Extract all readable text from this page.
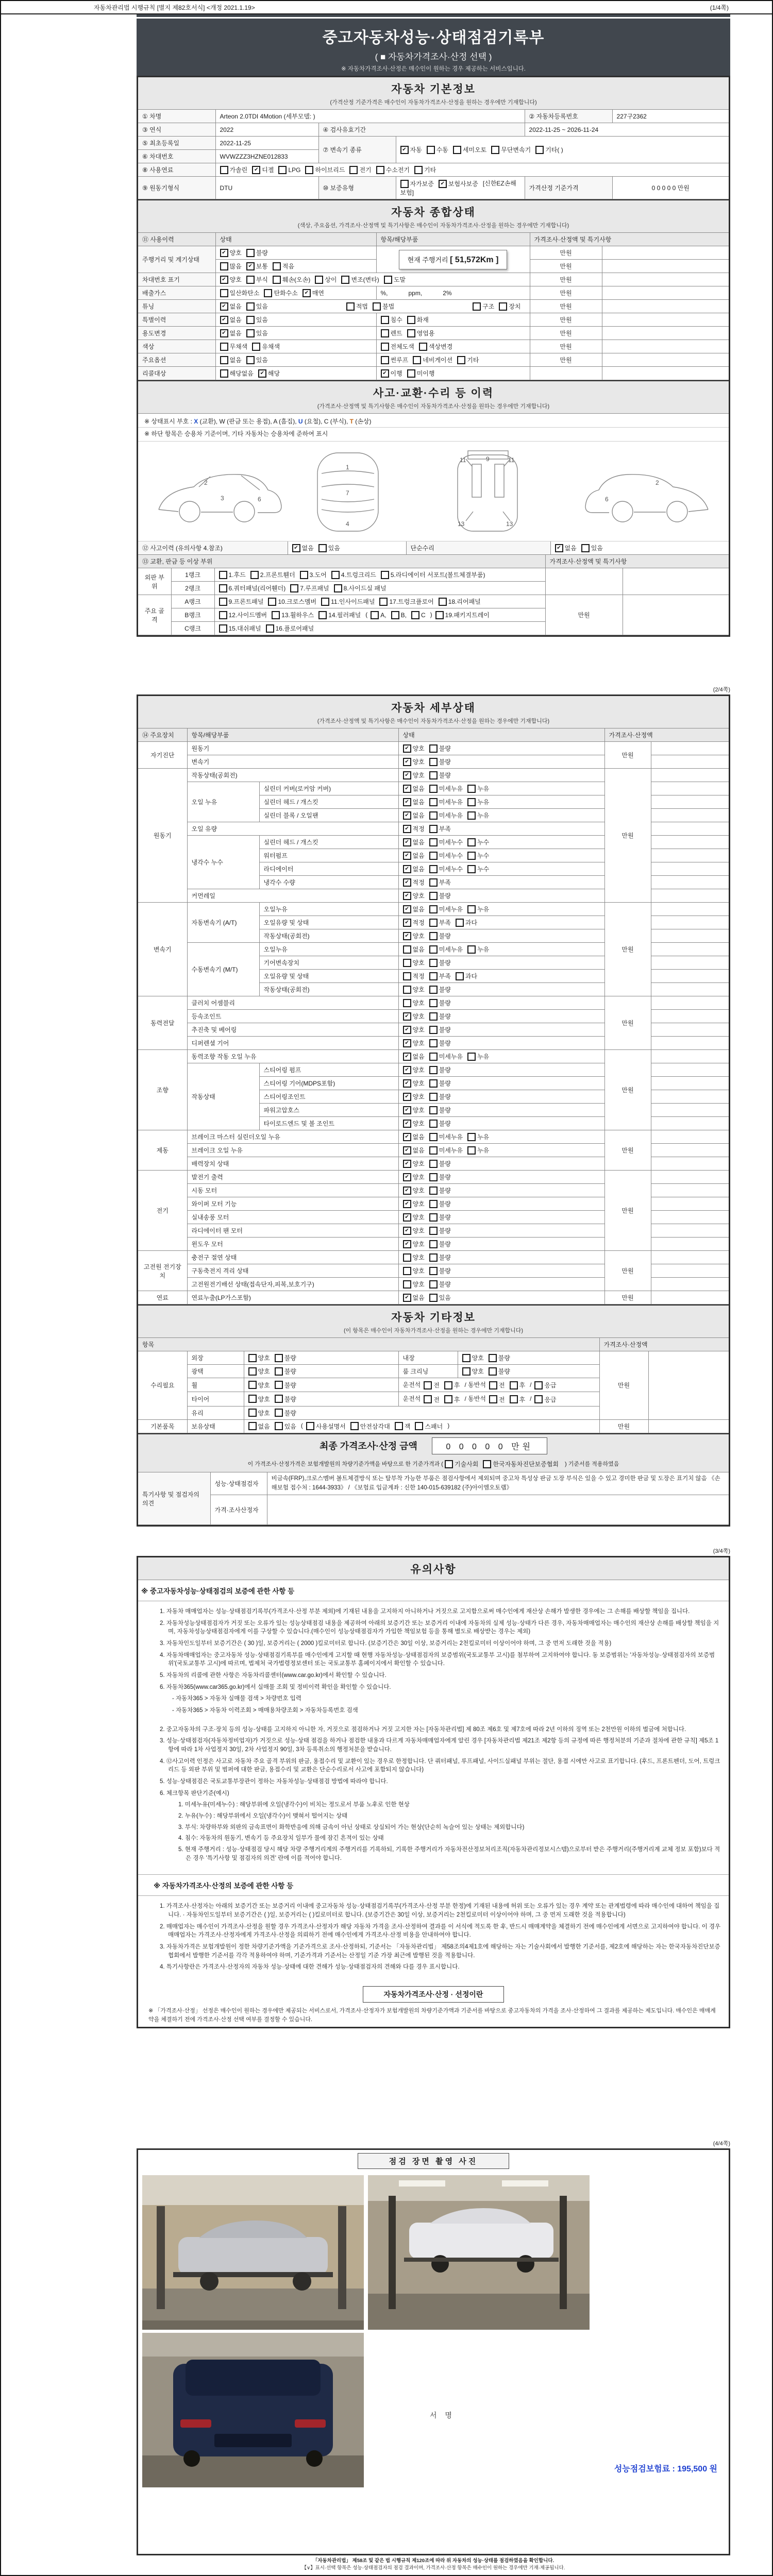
자동차관리법 시행규칙 [별지 제82호서식] <개정 2021.1.19>	(1/4쪽)
중고자동차성능·상태점검기록부
( ■ 자동차가격조사·산정 선택 )
※ 자동차가격조사·산정은 매수인이 원하는 경우 제공하는 서비스입니다.
자동차 기본정보
(가격산정 기준가격은 매수인이 자동차가격조사·산정을 원하는 경우에만 기재합니다)
① 차명	Arteon 2.0TDI 4Motion (세부모델: )			② 자동차등록번호	227구2362
③ 연식	2022	④ 검사유효기간		2022-11-25 ~ 2026-11-24	
⑤ 최초등록일	2022-11-25	⑦ 변속기 종류	✔ 자동 수동 세미오토 무단변속기 기타( )

⑥ 차대번호	WVWZZZ3HZNE012833				
⑧ 사용연료	가솔린	✔ 디젤 LPG 하이브리드 전기 수소전기 기타

⑨ 원동기형식	DTU	⑩ 보증유형	자가보증 ✔ 보험사보증 [신한EZ손해보험]	가격산정 기준가격	0 0 0 0 0 만원
자동차 종합상태
(색상, 주요옵션, 가격조사·산정액 및 특기사항은 매수인이 자동차가격조사·산정을 원하는 경우에만 기재합니다)
⑪ 사용이력	상태	항목/해당부품	가격조사·산정액 및 특기사항	
주행거리 및 계기상태	✔ 양호 불량	현재 주행거리 [ 51,572Km ]	만원	

	많음 ✔ 보통 적음		만원	
차대번호 표기	✔ 양호 부식 훼손(오손) 상이 변조(변타) 도말	만원	
배출가스	일산화탄소 탄화수소 ✔ 매연	%,            ppm,            2%	만원	
튜닝	✔ 없음 있음	적법 불법	구조 장치	만원	
특별이력	✔ 없음 있음	침수 화재	만원	
용도변경	✔ 없음 있음	렌트 영업용	만원	
색상	무채색 유채색	전체도색 색상변경	만원	
주요옵션	없음 있음	썬루프 네비게이션 기타	만원	
리콜대상	해당없음 ✔ 해당	✔ 이행 미이행		

사고·교환·수리 등 이력
(가격조사·산정액 및 특기사항은 매수인이 자동차가격조사·산정을 원하는 경우에만 기재합니다)
※ 상태표시 부호 : X (교환), W (판금 또는 용접), A (흠집), U (요철), C (부식), T (손상)
※ 하단 항목은 승용차 기준이며, 기타 자동차는 승용차에 준하여 표시
2
3	6
1
7
4
11	11
9
13	13
2
6
⑫ 사고이력 (유의사항 4.참조)	✔ 없음 있음	단순수리	✔ 없음 있음
⑬ 교환, 판금 등 이상 부위			가격조사·산정액 및 특기사항	
외판 부위	1랭크	1.후드 2.프론트휀더 3.도어 4.트렁크리드 5.라디에이터 서포트(볼트체결부품)		

	2랭크	6.쿼터패널(리어휀더) 7.루프패널 8.사이드실 패널		

주요 골격	A랭크	9.프론트패널 10.크로스멤버 11.인사이드패널 17.트렁크플로어 18.리어패널	만원	
B랭크	12.사이드멤버 13.휠하우스 14.필러패널 ( A, B, C ) 19.패키지트레이

	C랭크	15.대쉬패널 16.플로어패널		
(2/4쪽)
자동차 세부상태
(가격조사·산정액 및 특기사항은 매수인이 자동차가격조사·산정을 원하는 경우에만 기재합니다)
⑭ 주요장치	항목/해당부품		상태	가격조사·산정액	
자기진단	원동기		✔ 양호 불량	만원	
	변속기		✔ 양호 불량		

원동기	작동상태(공회전)		✔ 양호 불량	만원	
	오일 누유	실린더 커버(로커암 커버)	✔ 없음 미세누유 누유		

		실린더 헤드 / 개스킷	✔ 없음 미세누유 누유		

		실린더 블록 / 오일팬	✔ 없음 미세누유 누유		

	오일 유량		✔ 적정 부족		

	냉각수 누수	실린더 헤드 / 개스킷	✔ 없음 미세누수 누수		

		워터펌프	✔ 없음 미세누수 누수		

		라디에이터	✔ 없음 미세누수 누수		

		냉각수 수량	✔ 적정 부족		

	커먼레일		✔ 양호 불량		

변속기	자동변속기 (A/T)	오일누유	✔ 없음 미세누유 누유	만원	
		오일유량 및 상태	✔ 적정 부족 과다		

		작동상태(공회전)	✔ 양호 불량		

	수동변속기 (M/T)	오일누유	없음 미세누유 누유		

		기어변속장치	양호 불량		

		오일유량 및 상태	적정 부족 과다		

		작동상태(공회전)	양호 불량		

동력전달	클러치 어셈블리		양호 불량	만원	
	등속조인트		✔ 양호 불량		

	추진축 및 베어링		✔ 양호 불량		

	디퍼렌셜 기어		✔ 양호 불량		

조향	동력조향 작동 오일 누유		✔ 없음 미세누유 누유	만원	
	작동상태	스티어링 펌프	✔ 양호 불량		

		스티어링 기어(MDPS포함)	✔ 양호 불량		

		스티어링조인트	✔ 양호 불량		

		파워고압호스	✔ 양호 불량		

		타이로드엔드 및 볼 조인트	✔ 양호 불량		

제동	브레이크 마스터 실린더오일 누유		✔ 없음 미세누유 누유	만원	
	브레이크 오일 누유		✔ 없음 미세누유 누유		

	배력장치 상태		✔ 양호 불량		

전기	발전기 출력		✔ 양호 불량	만원	
	시동 모터		✔ 양호 불량		

	와이퍼 모터 기능		✔ 양호 불량		

	실내송풍 모터		✔ 양호 불량		

	라디에이터 팬 모터		✔ 양호 불량		

	윈도우 모터		✔ 양호 불량		

고전원 전기장치	충전구 절연 상태		양호 불량	만원	
	구동축전지 격리 상태		양호 불량		

	고전원전기배선 상태(접속단자,피복,보호기구)		양호 불량		

연료	연료누출(LP가스포함)		✔ 없음 있음	만원	
자동차 기타정보
(이 항목은 매수인이 자동차가격조사·산정을 원하는 경우에만 기재합니다)
항목					가격조사·산정액	
수리필요	외장	양호 불량	내장	양호 불량	만원	
	광택	양호 불량	룸 크리닝	양호 불량		

휠	양호 불량	운전석 전 후 / 동반석 전 후 / 응급

타이어	양호 불량	운전석 전 후 / 동반석 전 후 / 응급

	유리	양호 불량				

기본품목	보유상태	없음 있음 ( 사용설명서 안전삼각대 잭 스패너 )	만원	
최종 가격조사·산정 금액	0 0 0 0 0 만원
이 가격조사·산정가격은 보험개발원의 차량기준가액을 바탕으로 한 기준가격과 ( 기술사회 한국자동차진단보증협회 ) 기준서를 적용하였음
특기사항 및 점검자의 의견	성능·상태점검자	비금속(FRP),크로스멤버 볼트체결방식 또는 탈부착 가능한 부품은 점검사항에서 제외되며 중고차 특성상 판금 도장 부식은 있을 수 있고 경미한 판금 및 도장은 표기치 않음 《손해보험 접수처 : 1644-3933》 / 《보험료 입금계좌 : 신한 140-015-639182 (주)아이엠오토랩》
	가격·조사산정자	
(3/4쪽)
유의사항
※ 중고자동차성능·상태점검의 보증에 관한 사항 등
1. 자동차 매매업자는 성능·상태점검기록부(가격조사·산정 부분 제외)에 기재된 내용을 고지하지 아니하거나 거짓으로 고지함으로써 매수인에게 재산상 손해가 발생한 경우에는 그 손해를 배상할 책임을 집니다.
2. 자동차성능상태점검자가 거짓 또는 오류가 있는 성능상태점검 내용을 제공하여 아래의 보증기간 또는 보증거리 이내에 자동차의 실제 성능·상태가 다른 경우, 자동차매매업자는 매수인의 재산상 손해를 배상할 책임을 지며, 자동차성능상태점검자에게 이를 구상할 수 있습니다.(매수인이 성능상태점검자가 가입한 책임보험 등을 통해 별도로 배상받는 경우는 제외)
3. 자동차인도일부터 보증기간은 ( 30 )일, 보증거리는 ( 2000 )킬로미터로 합니다. (보증기간은 30일 이상, 보증거리는 2천킬로미터 이상이어야 하며, 그 중 먼저 도래한 것을 적용)
4. 자동차매매업자는 중고자동차 성능·상태점검기록부를 매수인에게 고지할 때 현행 자동차성능·상태점검자의 보증범위(국토교통부 고시)를 첨부하여 고지하여야 합니다. 동 보증범위는 '자동차성능·상태점검자의 보증범위'(국토교통부 고시)에 따르며, 법제처 국가법령정보센터 또는 국토교통부 홈페이지에서 확인할 수 있습니다.
5. 자동차의 리콜에 관한 사항은 자동차리콜센터(www.car.go.kr)에서 확인할 수 있습니다.
6. 자동차365(www.car365.go.kr)에서 실매물 조회 및 정비이력 확인을 확인할 수 있습니다.
- 자동차365 > 자동차 실매물 검색 > 차량번호 입력
- 자동차365 > 자동차 이력조회 > 매매용차량조회 > 자동차등록번호 검색
2. 중고자동차의 구조·장치 등의 성능·상태를 고지하지 아니한 자, 거짓으로 점검하거나 거짓 고지한 자는 [자동차관리법] 제 80조 제6호 및 제7호에 따라 2년 이하의 징역 또는 2천만원 이하의 벌금에 처합니다.
3. 성능·상태점검자(자동차정비업자)가 거짓으로 성능·상태 점검을 하거나 점검한 내용과 다르게 자동차매매업자에게 알린 경우 [자동차관리법 제21조 제2항 등의 규정에 따른 행정처분의 기준과 절차에 관한 규칙] 제5조 1항에 따라 1차 사업정지 30일, 2차 사업정지 90일, 3차 등록취소의 행정처분을 받습니다.
4. ⑫사고이력 인정은 사고로 자동차 주요 골격 부위의 판금, 용접수리 및 교환이 있는 경우로 한정합니다. 단 쿼터패널, 루프패널, 사이드실패널 부위는 절단, 용접 시에만 사고로 표기합니다. (후드, 프론트펜더, 도어, 트렁크리드 등 외판 부위 및 범퍼에 대한 판금, 용접수리 및 교환은 단순수리로서 사고에 포함되지 않습니다)
5. 성능·상태점검은 국토교통부장관이 정하는 자동차성능·상태점검 방법에 따라야 합니다.
6. 체크항목 판단기준(예시)
1. 미세누유(미세누수) : 해당부위에 오일(냉각수)이 비치는 정도로서 부품 노후로 인한 현상
2. 누유(누수) : 해당부위에서 오일(냉각수)이 맺혀서 떨어지는 상태
3. 부식: 차량하부와 외판의 금속표면이 화학반응에 의해 금속이 아닌 상태로 상실되어 가는 현상(단순히 녹슬어 있는 상태는 제외합니다)
4. 침수: 자동차의 원동기, 변속기 등 주요장치 일부가 물에 잠긴 흔적이 있는 상태
5. 현재 주행거리 : 성능·상태점검 당시 해당 차량 주행거리계의 주행거리를 기록하되, 기록한 주행거리가 자동차전산정보처리조직(자동차관리정보시스템)으로부터 받은 주행거리(주행거리계 교체 정보 포함)보다 적은 경우 '특기사항 및 점검자의 의견' 란에 이를 적어야 합니다.
※ 자동차가격조사·산정의 보증에 관한 사항 등
1. 가격조사·산정자는 아래의 보증기간 또는 보증거리 이내에 중고자동차 성능·상태점검기록부(가격조사·산정 부분 한정)에 기재된 내용에 허위 또는 오류가 있는 경우 계약 또는 관계법령에 따라 매수인에 대하여 책임을 집니다. · 자동차인도일부터 보증기간은 ( )일, 보증거리는 ( )킬로미터로 합니다. (보증기간은 30일 이상, 보증거리는 2천킬로미터 이상이어야 하며, 그 중 먼저 도래한 것을 적용합니다)
2. 매매업자는 매수인이 가격조사·산정을 원할 경우 가격조사·산정자가 해당 자동차 가격을 조사·산정하여 결과를 이 서식에 적도록 한 후, 반드시 매매계약을 체결하기 전에 매수인에게 서면으로 고지하여야 합니다. 이 경우 매매업자는 가격조사·산정자에게 가격조사·산정을 의뢰하기 전에 매수인에게 가격조사·산정 비용을 안내하여야 합니다.
3. 자동차가격은 보험개발원이 정한 차량기준가액을 기준가격으로 조사·산정하되, 기준서는 「자동차관리법」 제58조의4제1호에 해당하는 자는 기술사회에서 발행한 기준서를, 제2호에 해당하는 자는 한국자동차진단보증협회에서 발행한 기준서를 각각 적용하여야 하며, 기준가격과 기준서는 산정일 기준 가장 최근에 발행된 것을 적용합니다.
4. 특기사항란은 가격조사·산정자의 자동차 성능·상태에 대한 견해가 성능·상태점검자의 견해와 다를 경우 표시합니다.
자동차가격조사·산정 · 선정이란
※ 「가격조사·산정」 선정은 매수인이 원하는 경우에만 제공되는 서비스로서, 가격조사·산정자가 보험개발원의 차량기준가액과 기준서를 바탕으로 중고자동차의 가격을 조사·산정하여 그 결과를 제공하는 제도입니다. 매수인은 매매계약을 체결하기 전에 가격조사·산정 선택 여부를 결정할 수 있습니다.
(4/4쪽)
점검 장면 촬영 사진
서 명
성능점검보험료 : 195,500 원
「자동차관리법」 제58조 및 같은 법 시행규칙 제120조에 따라 위 자동차의 성능·상태를 점검하였음을 확인합니다.
【∨】표시·선택 항목은 성능·상태점검자의 점검 결과이며, 가격조사·산정 항목은 매수인이 원하는 경우에만 기재·제공됩니다.
